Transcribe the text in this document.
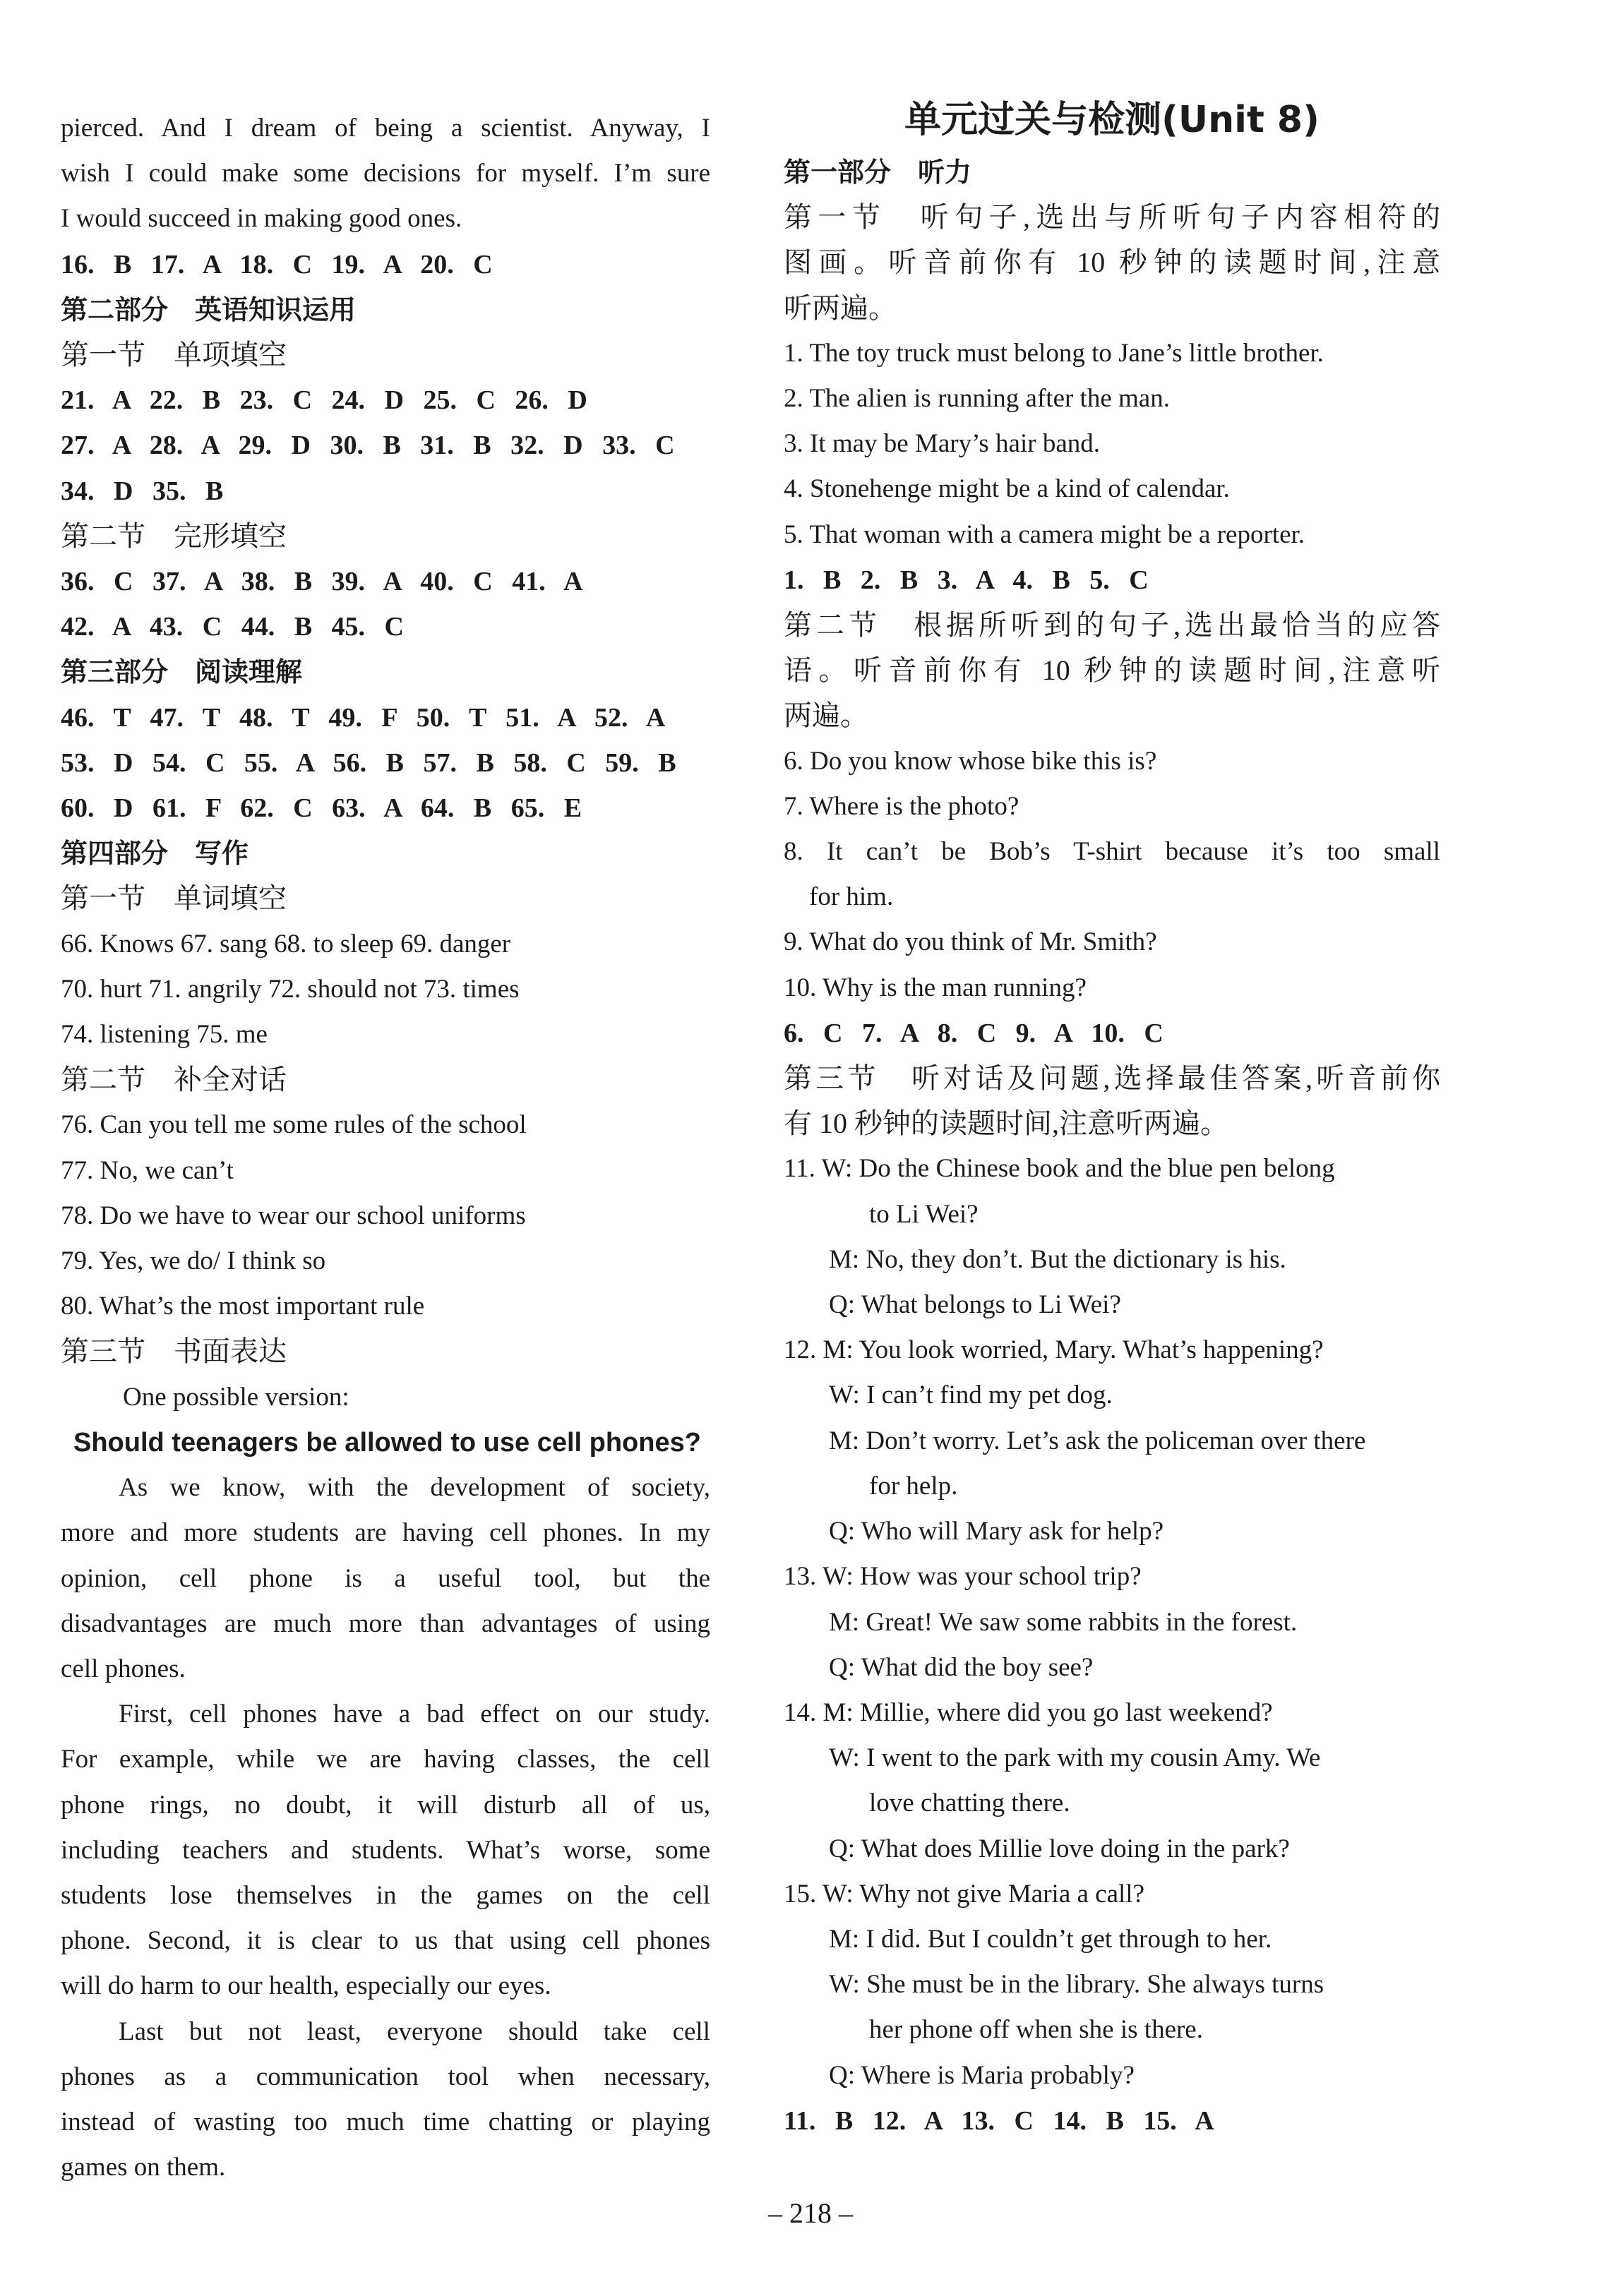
pierced. And I dream of being a scientist. Anyway, I
wish I could make some decisions for myself. I’m sure
I would succeed in making good ones.
16. B 17. A 18. C 19. A 20. C
第二部分　英语知识运用
第一节　单项填空
21. A 22. B 23. C 24. D 25. C 26. D
27. A 28. A 29. D 30. B 31. B 32. D 33. C
34. D 35. B
第二节　完形填空
36. C 37. A 38. B 39. A 40. C 41. A
42. A 43. C 44. B 45. C
第三部分　阅读理解
46. T 47. T 48. T 49. F 50. T 51. A 52. A
53. D 54. C 55. A 56. B 57. B 58. C 59. B
60. D 61. F 62. C 63. A 64. B 65. E
第四部分　写作
第一节　单词填空
66. Knows 67. sang 68. to sleep 69. danger
70. hurt 71. angrily 72. should not 73. times
74. listening 75. me
第二节　补全对话
76. Can you tell me some rules of the school
77. No, we can’t
78. Do we have to wear our school uniforms
79. Yes, we do/ I think so
80. What’s the most important rule
第三节　书面表达
One possible version:
Should teenagers be allowed to use cell phones?
As we know, with the development of society,
more and more students are having cell phones. In my
opinion, cell phone is a useful tool, but the
disadvantages are much more than advantages of using
cell phones.
First, cell phones have a bad effect on our study.
For example, while we are having classes, the cell
phone rings, no doubt, it will disturb all of us,
including teachers and students. What’s worse, some
students lose themselves in the games on the cell
phone. Second, it is clear to us that using cell phones
will do harm to our health, especially our eyes.
Last but not least, everyone should take cell
phones as a communication tool when necessary,
instead of wasting too much time chatting or playing
games on them.
单元过关与检测(Unit 8)
第一部分　听力
第一节　听句子,选出与所听句子内容相符的
图画。听音前你有 10 秒钟的读题时间,注意
听两遍。
1. The toy truck must belong to Jane’s little brother.
2. The alien is running after the man.
3. It may be Mary’s hair band.
4. Stonehenge might be a kind of calendar.
5. That woman with a camera might be a reporter.
1. B 2. B 3. A 4. B 5. C
第二节　根据所听到的句子,选出最恰当的应答
语。听音前你有 10 秒钟的读题时间,注意听
两遍。
6. Do you know whose bike this is?
7. Where is the photo?
8. It can’t be Bob’s T-shirt because it’s too small
for him.
9. What do you think of Mr. Smith?
10. Why is the man running?
6. C 7. A 8. C 9. A 10. C
第三节　听对话及问题,选择最佳答案,听音前你
有 10 秒钟的读题时间,注意听两遍。
11. W: Do the Chinese book and the blue pen belong
to Li Wei?
M: No, they don’t. But the dictionary is his.
Q: What belongs to Li Wei?
12. M: You look worried, Mary. What’s happening?
W: I can’t find my pet dog.
M: Don’t worry. Let’s ask the policeman over there
for help.
Q: Who will Mary ask for help?
13. W: How was your school trip?
M: Great! We saw some rabbits in the forest.
Q: What did the boy see?
14. M: Millie, where did you go last weekend?
W: I went to the park with my cousin Amy. We
love chatting there.
Q: What does Millie love doing in the park?
15. W: Why not give Maria a call?
M: I did. But I couldn’t get through to her.
W: She must be in the library. She always turns
her phone off when she is there.
Q: Where is Maria probably?
11. B 12. A 13. C 14. B 15. A
– 218 –
